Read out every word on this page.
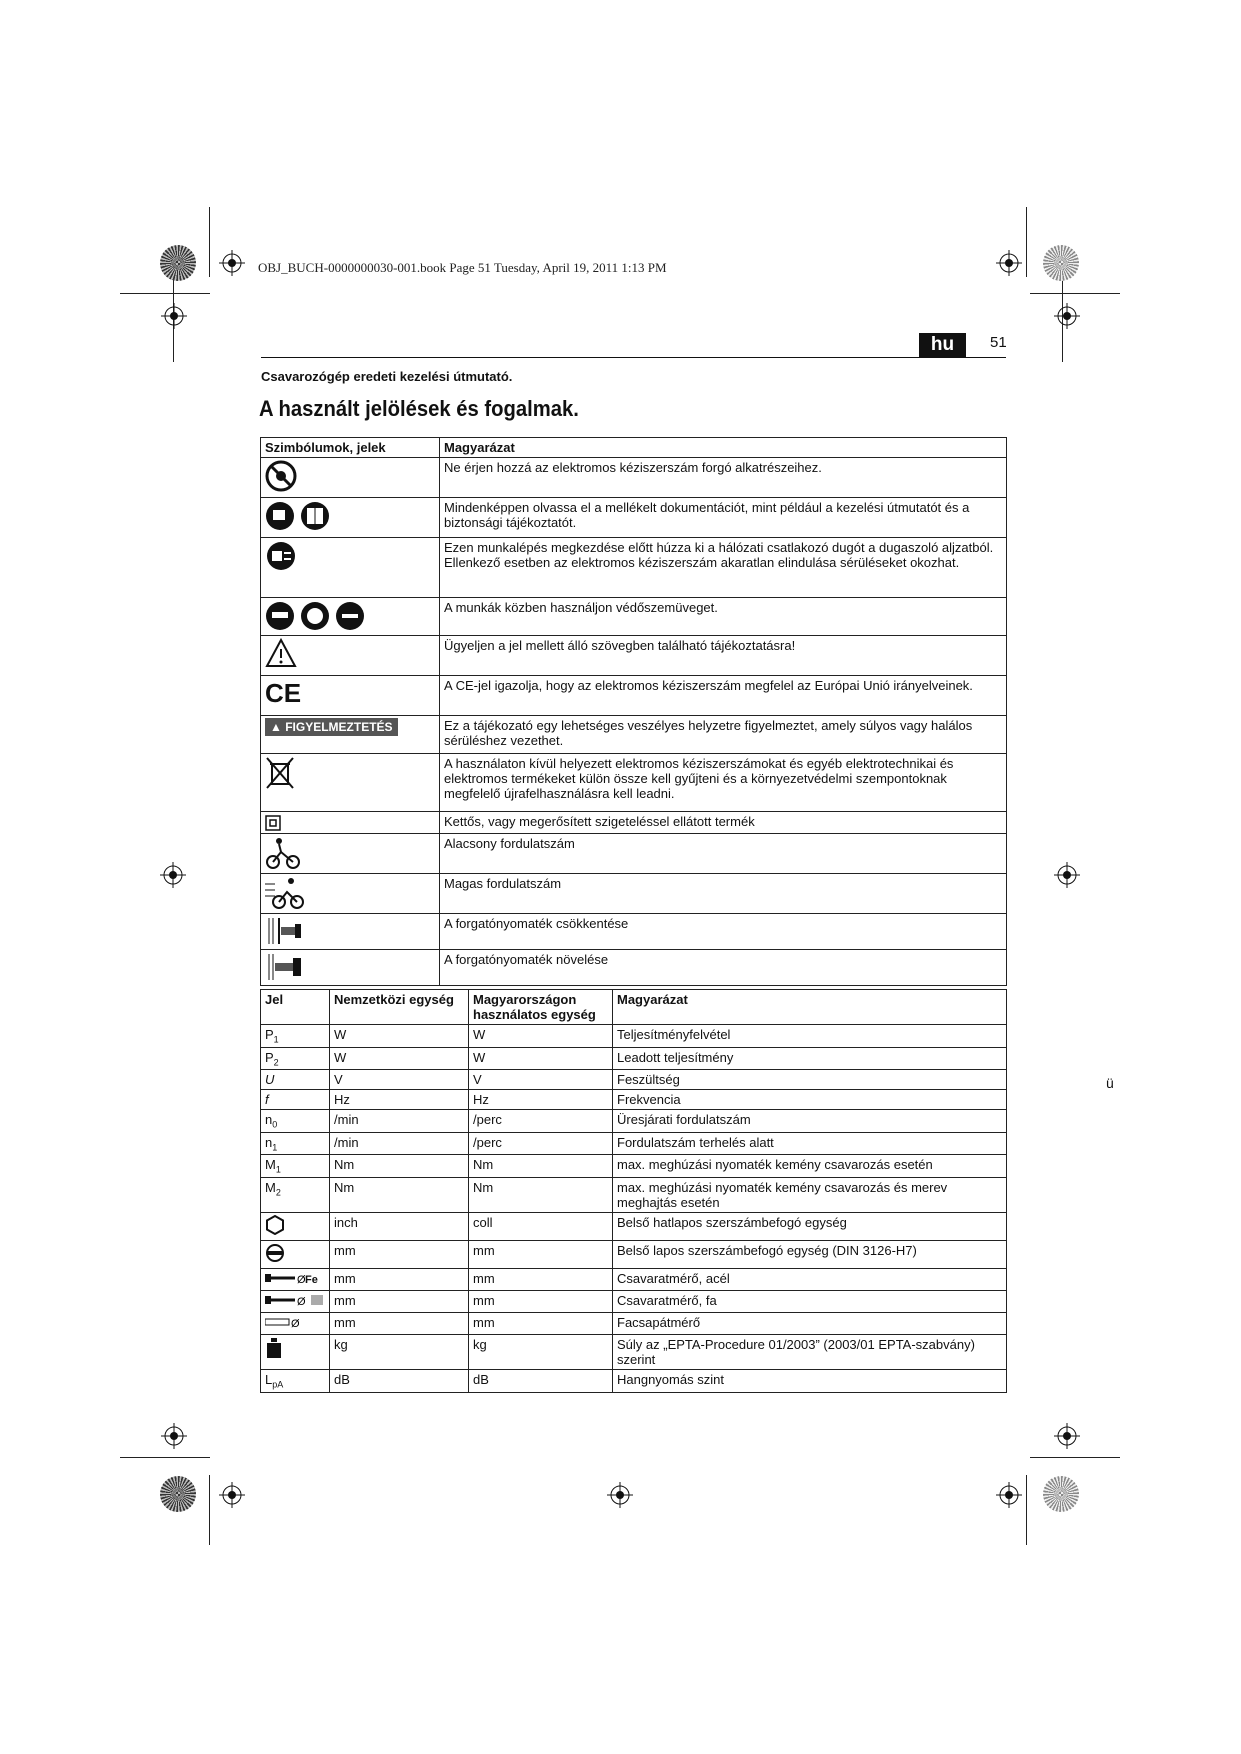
OBJ_BUCH-0000000030-001.book Page 51 Tuesday, April 19, 2011 1:13 PM
hu	51
Csavarozógép eredeti kezelési útmutató.
A használt jelölések és fogalmak.
Szimbólumok, jelek	Magyarázat
	Ne érjen hozzá az elektromos kéziszerszám forgó alkatrészeihez.
	Mindenképpen olvassa el a mellékelt dokumentációt, mint például a kezelési útmutatót és a biztonsági tájékoztatót.
	Ezen munkalépés megkezdése előtt húzza ki a hálózati csatlakozó dugót a dugaszoló aljzatból. Ellenkező esetben az elektromos kéziszerszám akaratlan elindulása sérüléseket okozhat.
	A munkák közben használjon védőszemüveget.
	Ügyeljen a jel mellett álló szövegben található tájékoztatásra!
CE	A CE-jel igazolja, hogy az elektromos kéziszerszám megfelel az Európai Unió irányelveinek.
▲ FIGYELMEZTETÉS	Ez a tájékozató egy lehetséges veszélyes helyzetre figyelmeztet, amely súlyos vagy halálos sérüléshez vezethet.
	A használaton kívül helyezett elektromos kéziszerszámokat és egyéb elektrotechnikai és elektromos termékeket külön össze kell gyűjteni és a környezetvédelmi szempontoknak megfelelő újrafelhasználásra kell leadni.
	Kettős, vagy megerősített szigeteléssel ellátott termék
	Alacsony fordulatszám
	Magas fordulatszám
	A forgatónyomaték csökkentése
	A forgatónyomaték növelése
Jel	Nemzetközi egység	Magyarországon használatos egység	Magyarázat
$P_1$	W	W	Teljesítményfelvétel
$P_2$	W	W	Leadott teljesítmény
U	V	V	Feszültség
f	Hz	Hz	Frekvencia
$n_0$	/min	/perc	Üresjárati fordulatszám
$n_1$	/min	/perc	Fordulatszám terhelés alatt
$M_1$	Nm	Nm	max. meghúzási nyomaték kemény csavarozás esetén
$M_2$	Nm	Nm	max. meghúzási nyomaték kemény csavarozás és merev meghajtás esetén
	inch	coll	Belső hatlapos szerszámbefogó egység
	mm	mm	Belső lapos szerszámbefogó egység (DIN 3126-H7)

Ø Fe	mm	mm	Csavaratmérő, acél

Ø	mm	mm	Csavaratmérő, fa

Ø	mm	mm	Facsapátmérő
	kg	kg	Súly az „EPTA-Procedure 01/2003” (2003/01 EPTA-szabvány) szerint
$L_{pA}$	dB	dB	Hangnyomás szint
ü
